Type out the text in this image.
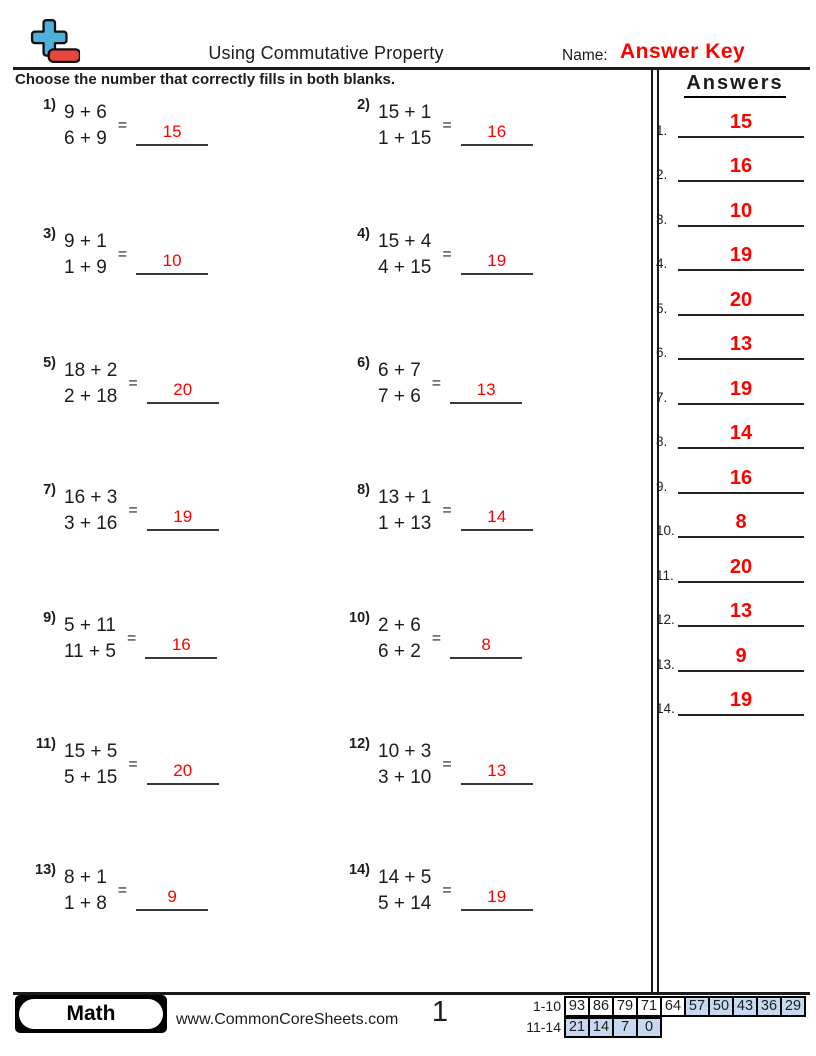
Using Commutative Property	Name: Answer Key
Choose the number that correctly fills in both blanks.
1) 9 + 6
6 + 9
=	15
2) 15 + 1
1 + 15
=	16
3) 9 + 1
1 + 9
=	10
4) 15 + 4
4 + 15
=	19
5) 18 + 2
2 + 18
=	20
6) 6 + 7
7 + 6
=	13
7) 16 + 3
3 + 16
=	19
8) 13 + 1
1 + 13
=	14
9) 5 + 11
11 + 5
=	16
10) 2 + 6
6 + 2
=	8
11) 15 + 5
5 + 15
=	20
12) 10 + 3
3 + 10
=	13
13) 8 + 1
1 + 8
=	9
14) 14 + 5
5 + 14
=	19
Answers
1.	15
2.	16
3.	10
4.	19
5.	20
6.	13
7.	19
8.	14
9.	16
10.	8
11.	20
12.	13
13.	9
14.	19
Math	www.CommonCoreSheets.com	1	1-10 93 86 79 71 64 57 50 43 36 29
11-14 21 14 7	0
